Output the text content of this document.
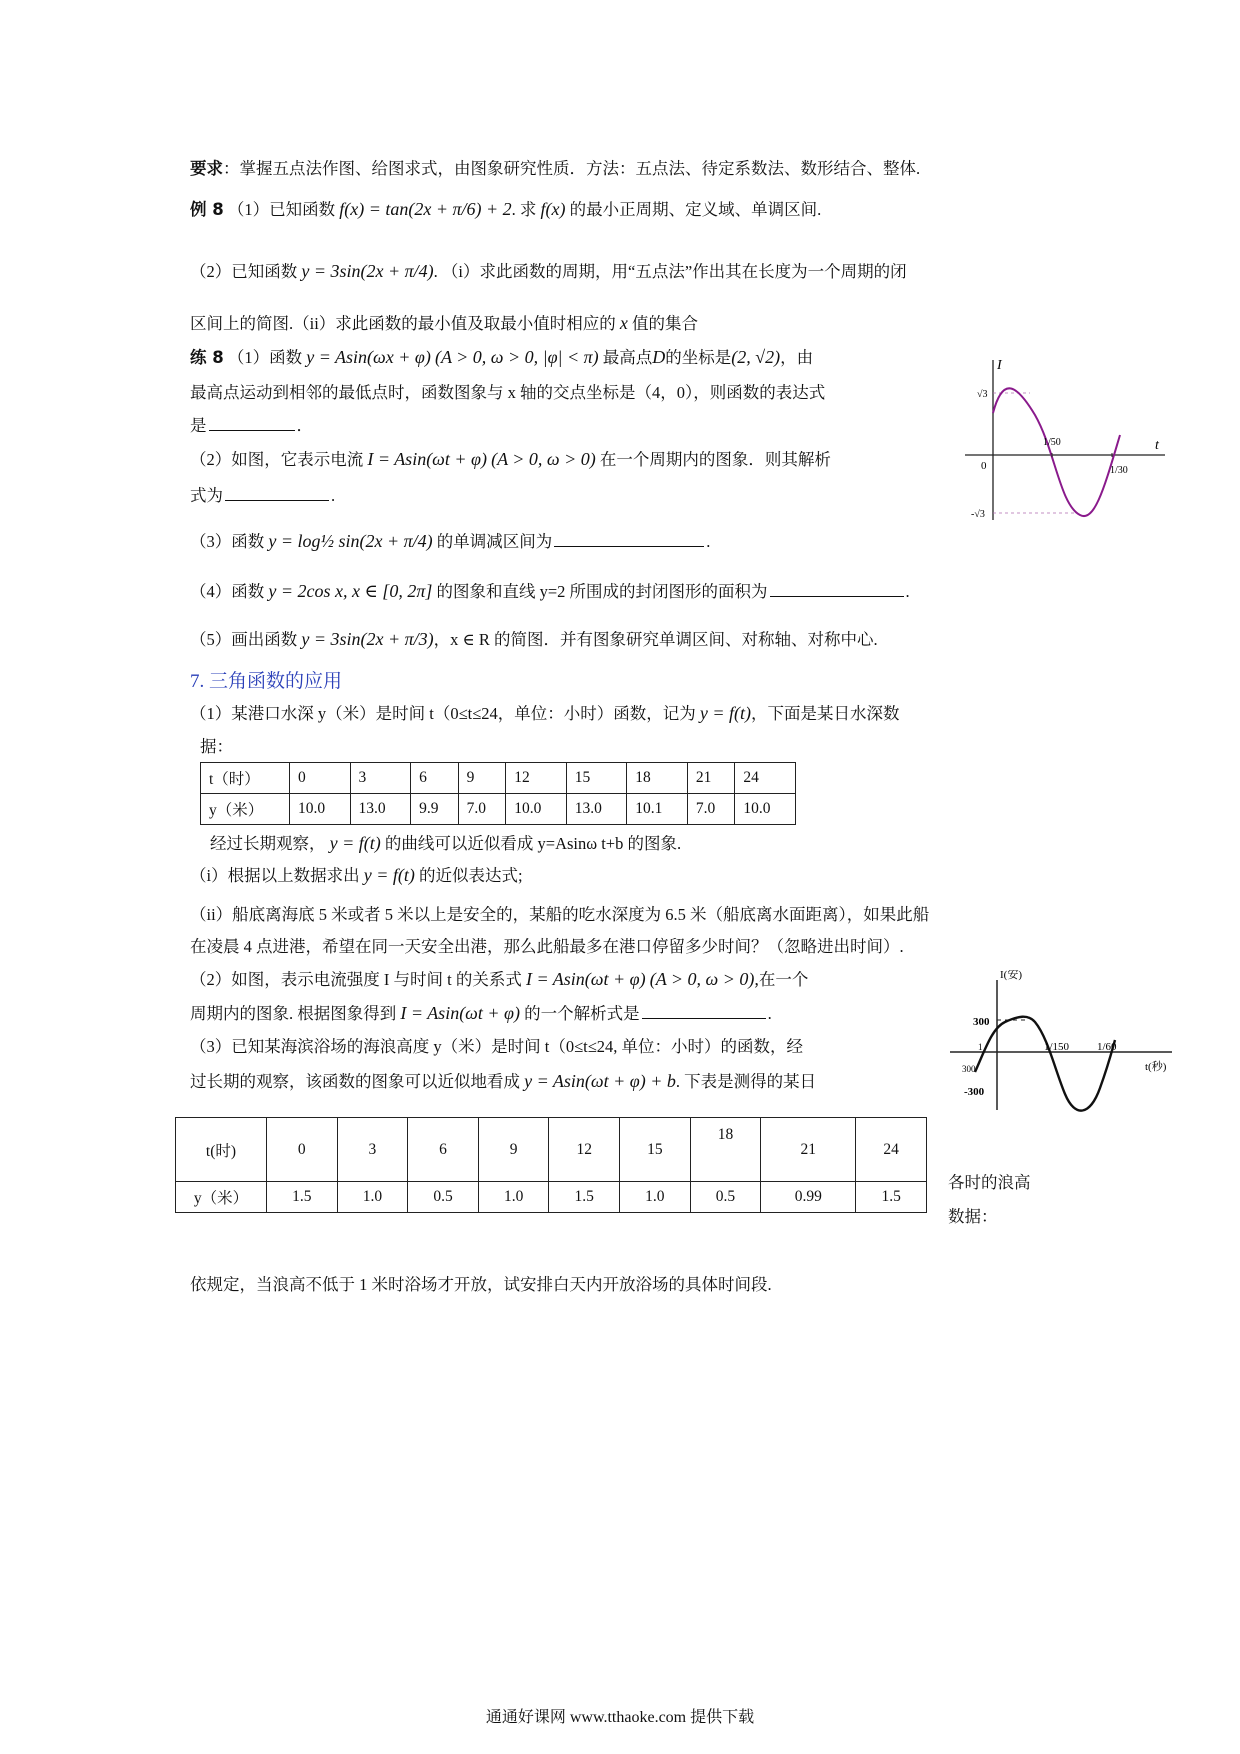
要求：掌握五点法作图、给图求式，由图象研究性质．方法：五点法、待定系数法、数形结合、整体.
例 8 （1）已知函数 f(x) = tan(2x + π/6) + 2. 求 f(x) 的最小正周期、定义域、单调区间.
（2）已知函数 y = 3sin(2x + π/4). （i）求此函数的周期，用“五点法”作出其在长度为一个周期的闭
区间上的简图.（ii）求此函数的最小值及取最小值时相应的 x 值的集合
练 8 （1）函数 y = Asin(ωx + φ) (A > 0, ω > 0, |φ| < π) 最高点D的坐标是(2, √2)，由
最高点运动到相邻的最低点时，函数图象与 x 轴的交点坐标是（4，0），则函数的表达式
是	．
（2）如图，它表示电流 I = Asin(ωt + φ) (A > 0, ω > 0) 在一个周期内的图象．则其解析
式为	.
（3）函数 y = log½ sin(2x + π/4) 的单调减区间为	.
（4）函数 y = 2cos x, x ∈ [0, 2π] 的图象和直线 y=2 所围成的封闭图形的面积为	.
（5）画出函数 y = 3sin(2x + π/3)，x ∈ R 的简图．并有图象研究单调区间、对称轴、对称中心.
I
t
√3
-√3
0
1/50
1/30
7. 三角函数的应用
（1）某港口水深 y（米）是时间 t（0≤t≤24，单位：小时）函数，记为 y = f(t)，下面是某日水深数
据：
t（时）	0	3	6	9	12	15	18	21	24
y（米）	10.0	13.0	9.9	7.0	10.0	13.0	10.1	7.0	10.0
经过长期观察， y = f(t) 的曲线可以近似看成 y=Asinω t+b 的图象.
（i）根据以上数据求出 y = f(t) 的近似表达式;
（ii）船底离海底 5 米或者 5 米以上是安全的，某船的吃水深度为 6.5 米（船底离水面距离），如果此船
在凌晨 4 点进港，希望在同一天安全出港，那么此船最多在港口停留多少时间？（忽略进出时间）.
（2）如图，表示电流强度 I 与时间 t 的关系式 I = Asin(ωt + φ) (A > 0, ω > 0),在一个
周期内的图象. 根据图象得到 I = Asin(ωt + φ) 的一个解析式是	.
（3）已知某海滨浴场的海浪高度 y（米）是时间 t（0≤t≤24, 单位：小时）的函数，经
过长期的观察，该函数的图象可以近似地看成 y = Asin(ωt + φ) + b. 下表是测得的某日
I(安)
t(秒)
300
-300
300
1	1/150	1/60
t(时)	0	3	6	9	12	15	18	21	24
y（米）	1.5	1.0	0.5	1.0	1.5	1.0	0.5	0.99	1.5
各时的浪高
数据：
依规定，当浪高不低于 1 米时浴场才开放，试安排白天内开放浴场的具体时间段.
通通好课网 www.tthaoke.com 提供下载
